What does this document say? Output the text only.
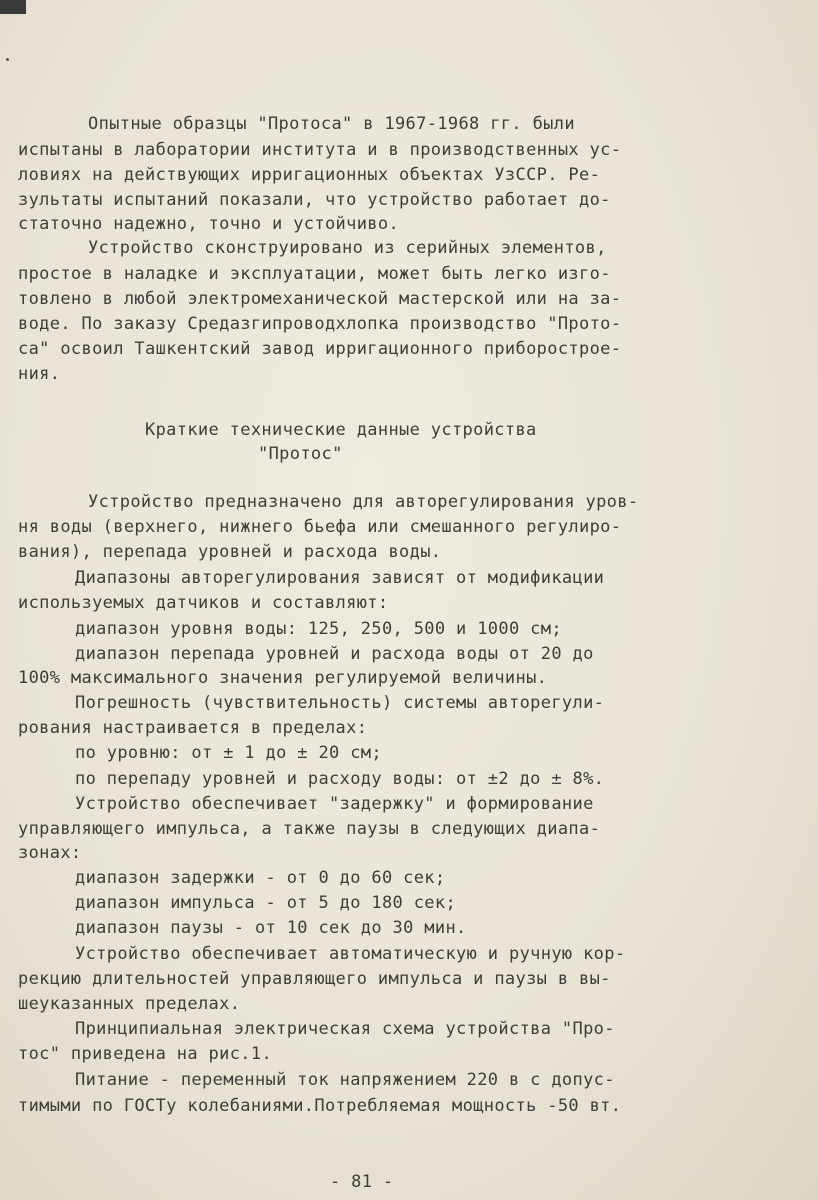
Опытные образцы "Протоса" в 1967-1968 гг. были

испытаны в лаборатории института и в производственных ус-

ловиях на действующих ирригационных объектах УзССР. Ре-

зультаты испытаний показали, что устройство работает до-

статочно надежно, точно и устойчиво.

Устройство сконструировано из серийных элементов,

простое в наладке и эксплуатации, может быть легко изго-

товлено в любой электромеханической мастерской или на за-

воде. По заказу Средазгипроводхлопка производство "Прото-

са" освоил Ташкентский завод ирригационного приборострое-

ния.

Краткие технические данные устройства

"Протос"

Устройство предназначено для авторегулирования уров-

ня воды (верхнего, нижнего бьефа или смешанного регулиро-

вания), перепада уровней и расхода воды.

Диапазоны авторегулирования зависят от модификации

используемых датчиков и составляют:

диапазон уровня воды: 125, 250, 500 и 1000 см;

диапазон перепада уровней и расхода воды от 20 до

100% максимального значения регулируемой величины.

Погрешность (чувствительность) системы авторегули-

рования настраивается в пределах:

по уровню: от ± 1 до ± 20 см;

по перепаду уровней и расходу воды: от ±2 до ± 8%.

Устройство обеспечивает "задержку" и формирование

управляющего импульса, а также паузы в следующих диапа-

зонах:

диапазон задержки - от 0 до 60 сек;

диапазон импульса - от 5 до 180 сек;

диапазон паузы - от 10 сек до 30 мин.

Устройство обеспечивает автоматическую и ручную кор-

рекцию длительностей управляющего импульса и паузы в вы-

шеуказанных пределах.

Принципиальная электрическая схема устройства "Про-

тос" приведена на рис.1.

Питание - переменный ток напряжением 220 в с допус-

тимыми по ГОСТу колебаниями.Потребляемая мощность -50 вт.

- 81 -
